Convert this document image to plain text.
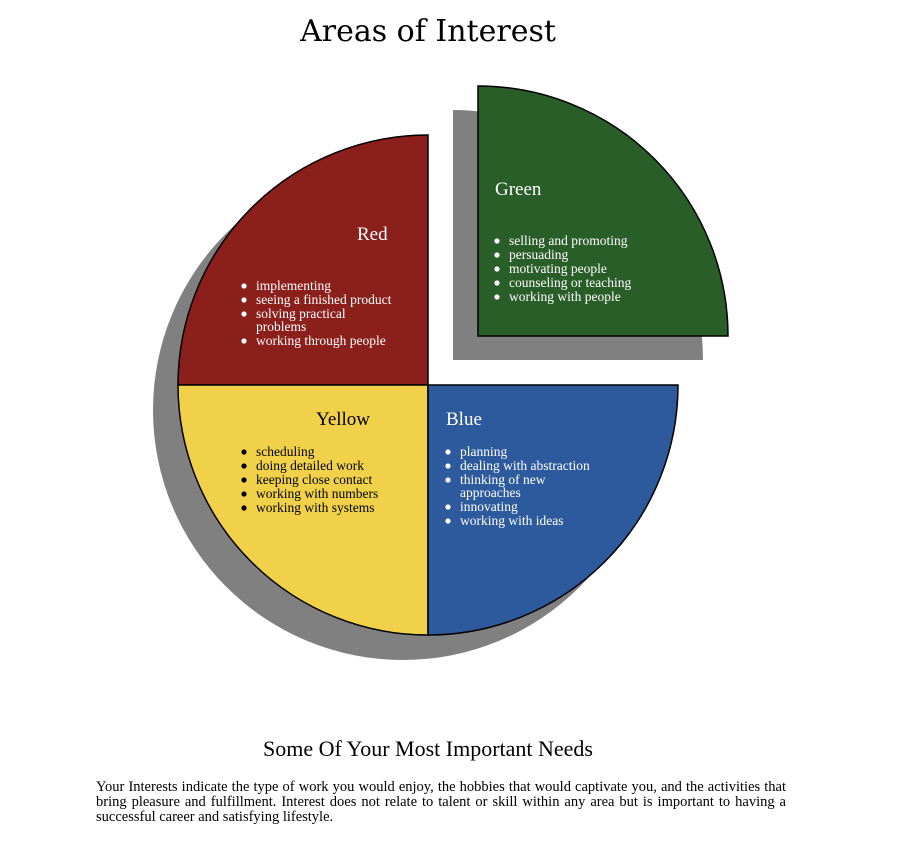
Areas of Interest
Red
Green
Yellow	Blue
implementing
seeing a finished product
solving practical problems
working through people
selling and promoting
persuading
motivating people
counseling or teaching
working with people
scheduling
doing detailed work
keeping close contact
working with numbers
working with systems
planning
dealing with abstraction
thinking of new approaches
innovating
working with ideas
Some Of Your Most Important Needs
Your Interests indicate the type of work you would enjoy, the hobbies that would captivate you, and the activities that bring pleasure and fulfillment. Interest does not relate to talent or skill within any area but is important to having a successful career and satisfying lifestyle.
